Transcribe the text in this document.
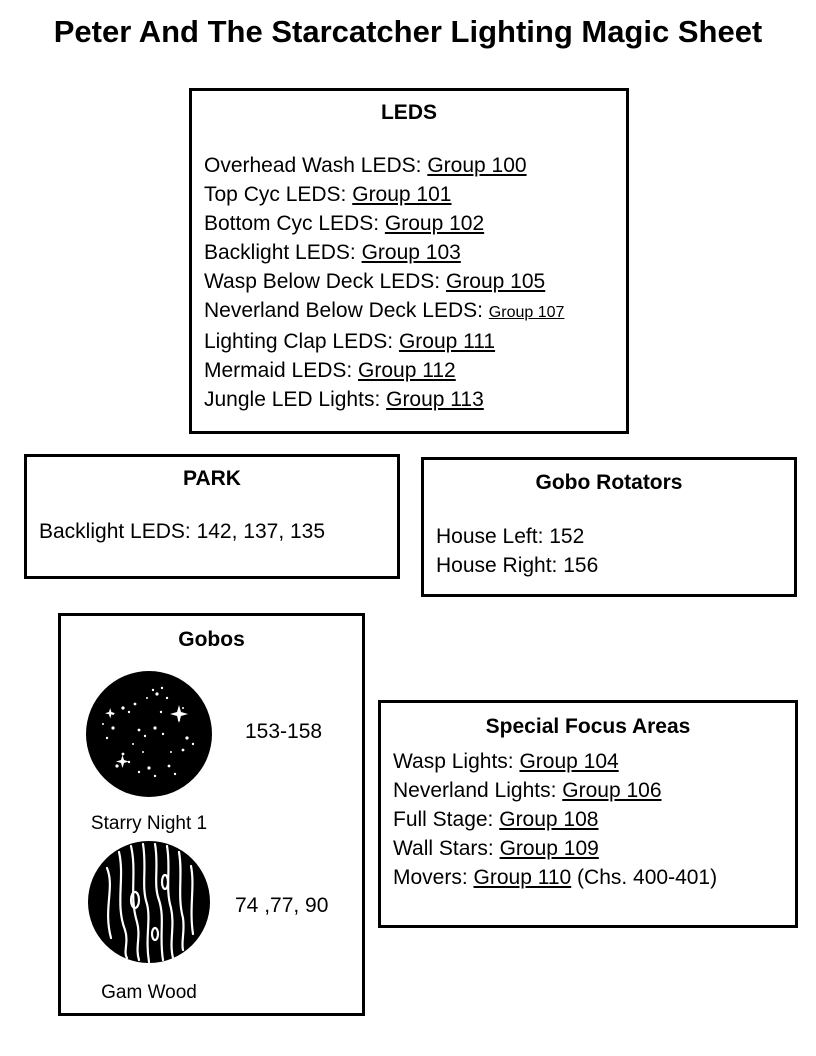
Peter And The Starcatcher Lighting Magic Sheet

LEDS

Overhead Wash LEDS: Group 100
Top Cyc LEDS: Group 101
Bottom Cyc LEDS: Group 102
Backlight LEDS: Group 103
Wasp Below Deck LEDS: Group 105
Neverland Below Deck LEDS: Group 107
Lighting Clap LEDS: Group 111
Mermaid LEDS: Group 112
Jungle LED Lights: Group 113

PARK

Backlight LEDS: 142, 137, 135

Gobo Rotators

House Left: 152
House Right: 156

Gobos

Starry Night 1
153-158
Gam Wood
74 ,77, 90

Special Focus Areas

Wasp Lights: Group 104
Neverland Lights: Group 106
Full Stage: Group 108
Wall Stars: Group 109
Movers: Group 110 (Chs. 400-401)
